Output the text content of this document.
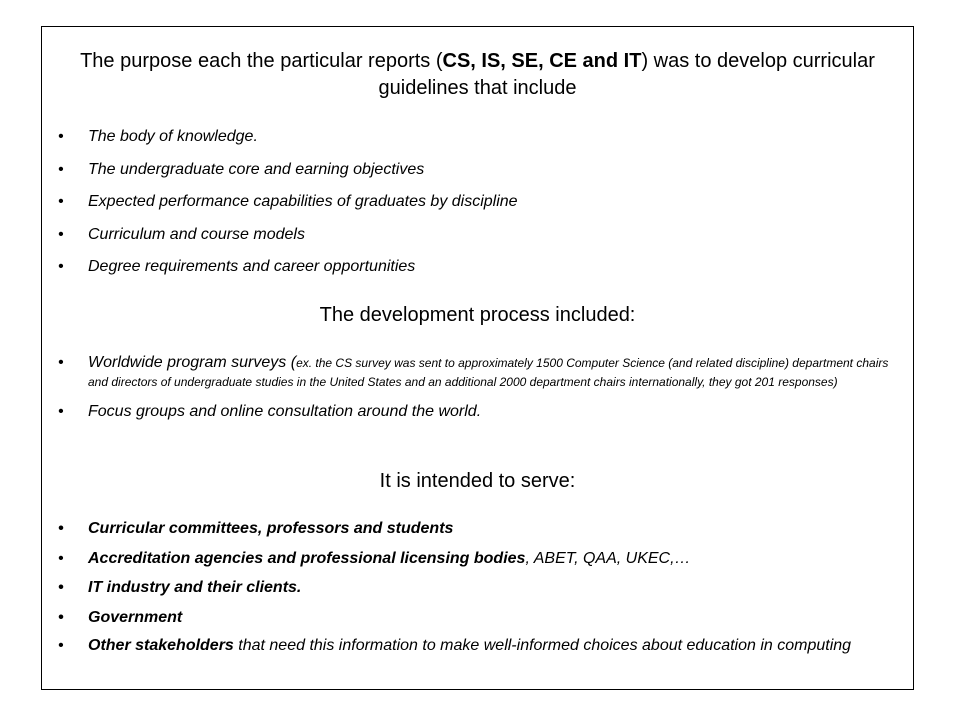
The purpose each the particular reports (CS, IS, SE, CE and IT) was to develop curricular guidelines that include
• The body of knowledge.
• The undergraduate core and earning objectives
• Expected performance capabilities of graduates by discipline
• Curriculum and course models
• Degree requirements and career opportunities
The development process included:
• Worldwide program surveys (ex. the CS survey was sent to approximately 1500 Computer Science (and related discipline) department chairs and directors of undergraduate studies in the United States and an additional 2000 department chairs internationally, they got 201 responses)
• Focus groups and online consultation around the world.
It is intended to serve:
• Curricular committees, professors and students
• Accreditation agencies and professional licensing bodies, ABET, QAA, UKEC,…
• IT industry and their clients.
• Government
• Other stakeholders that need this information to make well-informed choices about education in computing
